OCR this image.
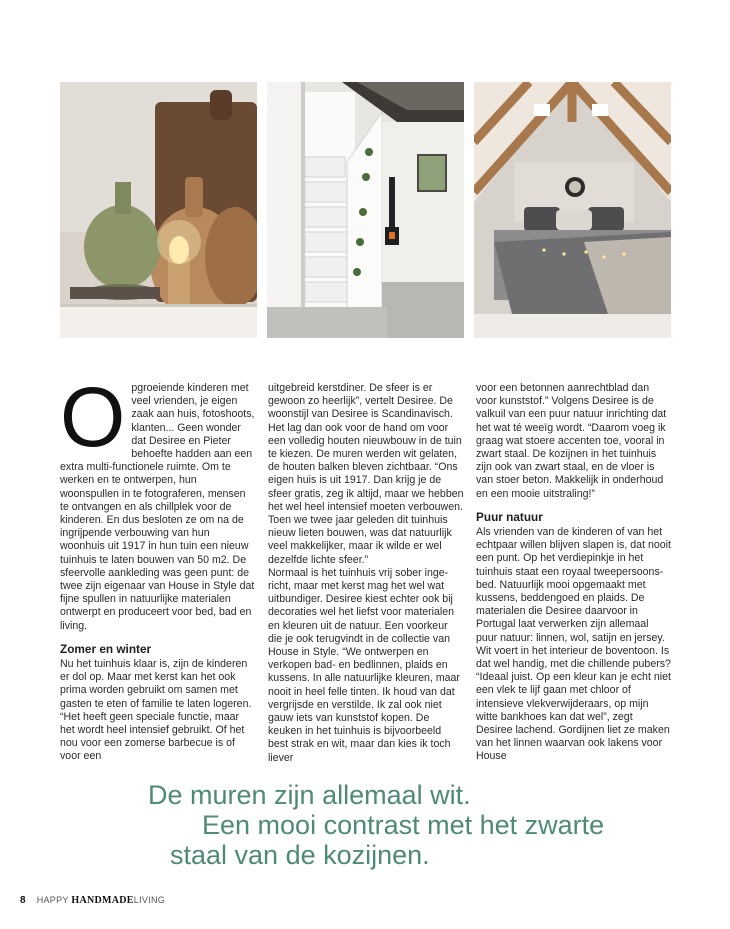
O pgroeiende kinderen met veel vrienden, je eigen zaak aan huis, fotoshoots, klanten... Geen wonder dat Desiree en Pieter behoefte hadden aan een extra multi-functionele ruimte. Om te werken en te ontwerpen, hun woonspullen in te fotograferen, mensen te ontvangen en als chillplek voor de kinderen. En dus besloten ze om na de ingrijpende verbouwing van hun woonhuis uit 1917 in hun tuin een nieuw tuinhuis te laten bouwen van 50 m2. De sfeervolle aankleding was geen punt: de twee zijn eigenaar van House in Style dat fijne spullen in natuurlijke materialen ontwerpt en produceert voor bed, bad en living.

Zomer en winter

Nu het tuinhuis klaar is, zijn de kinderen er dol op. Maar met kerst kan het ook prima worden gebruikt om samen met gasten te eten of familie te laten logeren. “Het heeft geen speciale functie, maar het wordt heel intensief gebruikt. Of het nou voor een zomerse barbecue is of voor een

uitgebreid kerstdiner. De sfeer is er gewoon zo heerlijk”, vertelt Desiree. De woonstijl van Desiree is Scandinavisch. Het lag dan ook voor de hand om voor een volledig houten nieuwbouw in de tuin te kiezen. De muren werden wit gelaten, de houten balken bleven zichtbaar. “Ons eigen huis is uit 1917. Dan krijg je de sfeer gratis, zeg ik altijd, maar we hebben het wel heel intensief moeten verbouwen. Toen we twee jaar geleden dit tuinhuis nieuw lieten bouwen, was dat natuurlijk veel makkelijker, maar ik wilde er wel dezelfde lichte sfeer.”

Normaal is het tuinhuis vrij sober inge-richt, maar met kerst mag het wel wat uitbundiger. Desiree kiest echter ook bij decoraties wel het liefst voor materialen en kleuren uit de natuur. Een voorkeur die je ook terugvindt in de collectie van House in Style. “We ontwerpen en verkopen bad- en bedlinnen, plaids en kussens. In alle natuurlijke kleuren, maar nooit in heel felle tinten. Ik houd van dat vergrijsde en verstilde. Ik zal ook niet gauw iets van kunststof kopen. De keuken in het tuinhuis is bijvoorbeeld best strak en wit, maar dan kies ik toch liever

voor een betonnen aanrechtblad dan voor kunststof.” Volgens Desiree is de valkuil van een puur natuur inrichting dat het wat té weeïg wordt. “Daarom voeg ik graag wat stoere accenten toe, vooral in zwart staal. De kozijnen in het tuinhuis zijn ook van zwart staal, en de vloer is van stoer beton. Makkelijk in onderhoud en een mooie uitstraling!”

Puur natuur

Als vrienden van de kinderen of van het echtpaar willen blijven slapen is, dat nooit een punt. Op het verdiepinkje in het tuinhuis staat een royaal tweepersoons-bed. Natuurlijk mooi opgemaakt met kussens, beddengoed en plaids. De materialen die Desiree daarvoor in Portugal laat verwerken zijn allemaal puur natuur: linnen, wol, satijn en jersey. Wit voert in het interieur de boventoon. Is dat wel handig, met die chillende pubers? “Ideaal juist. Op een kleur kan je echt niet een vlek te lijf gaan met chloor of intensieve vlekverwijderaars, op mijn witte bankhoes kan dat wel”, zegt Desiree lachend. Gordijnen liet ze maken van het linnen waarvan ook lakens voor House

De muren zijn allemaal wit.
Een mooi contrast met het zwarte
staal van de kozijnen.
8 HAPPY HANDMADELIVING
